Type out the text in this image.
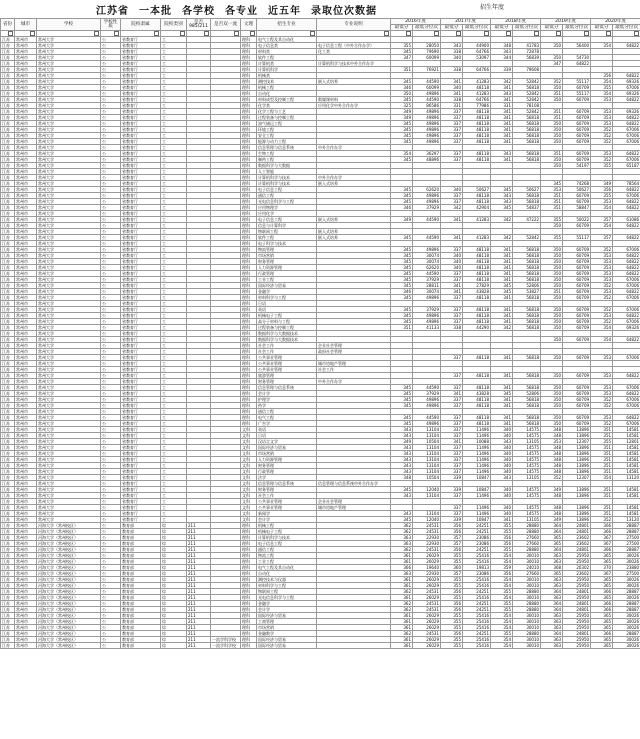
江苏省 一本批 各学校 各专业 近五年 录取位次数据	招生年度
省份	城市	学校	学校性质	院校隶属	院校类别	是否985/211	是否双一流	文理	招生专业	专业说明	2016年度		2017年度		2018年度		2019年度		2020年度	
											最低分	最低分位次	最低分	最低分位次	最低分	最低分位次	最低分	最低分位次	最低分	最低分位次

江苏	常州市	常州大学	公	省教育厅	工			理科	电气工程及其自动化											
江苏	常州市	常州大学	公	省教育厅	工			理科	电子信息类	电子信息工程（中外合作办学）	355	28050	343	44900	348	41783	350	56400	354	64822
江苏	常州市	常州大学	公	省教育厅	工			理科	材料类	化工类	345	79690	338	64766	343	72878				
江苏	常州市	常州大学	公	省教育厅	工			理科	软件工程		347	60099	340	53097	344	56839	350	54730		
江苏	常州市	常州大学	公	省教育厅	工			理科	计算机类	计算机科学与技术中外合作办学							347	64822		
江苏	常州市	常州大学	公	省教育厅	工			理科	计算机科学		351	76921	338	64766	339	79608				
江苏	常州市	常州大学	公	省教育厅	工			理科	机械类										356	64822
江苏	常州市	常州大学	公	省教育厅	工			理科	测控技术	嵌入式培养	345	44590	341	41283	342	52842	352	55117	354	69326
江苏	常州市	常州大学	公	省教育厅	工			理科	机械工程		346	60099	340	48118	341	56818	350	60709	355	67006
江苏	常州市	常州大学	公	省教育厅	工			理科	自动化		350	49896	341	41283	343	52842	351	55117	354	69326
江苏	常州市	常州大学	公	省教育厅	工			理科	材料成型及控制工程	数媒课材料	345	44590	338	64766	341	52842	350	60709	353	64822
江苏	常州市	常州大学	公	省教育厅	工			理科	化学类	应用化学中外合作办学	325	86586	331	77986	331	78108				
江苏	常州市	常州大学	公	省教育厅	工			理科	化学工程与工艺		349	49896	337	48118	341	52842	351	60709	353	69326
江苏	常州市	常州大学	公	省教育厅	工			理科	过程装备与控制工程		349	49896	337	48118	341	56818	351	60709	353	64822
江苏	常州市	常州大学	公	省教育厅	工			理科	油气储运工程		345	49896	337	48118	341	56818	350	60709	353	64822
江苏	常州市	常州大学	公	省教育厅	工			理科	环境工程		345	49896	337	48118	341	56818	350	60709	352	67006
江苏	常州市	常州大学	公	省教育厅	工			理科	安全工程		345	49896	337	48118	341	56818	350	60709	352	67006
江苏	常州市	常州大学	公	省教育厅	工			理科	能源与动力工程		345	49896	337	48118	341	56818	350	60709	352	67006
江苏	常州市	常州大学	公	省教育厅	工			理科	信息管理与信息系统	中外合作办学										
江苏	常州市	常州大学	公	省教育厅	工			理科	生物工程		354	36297	337	48118	343	56818	351	60709	353	64822
江苏	常州市	常州大学	公	省教育厅	工			理科	制药工程		345	48896	337	48118	341	56818	350	60709	352	67006
江苏	常州市	常州大学	公	省教育厅	工			理科	数据科学与大数据								350	54197	355	65187
江苏	常州市	常州大学	公	省教育厅	工			理科	人工智能											
江苏	常州市	常州大学	公	省教育厅	工			理科	计算机科学与技术	中外合作办学										
江苏	常州市	常州大学	公	省教育厅	工			理科	计算机科学与技术	嵌入式培养							345	74268	349	78564
江苏	常州市	常州大学	公	省教育厅	工			理科	电子信息工程		345	62620	340	50627	345	50627	353	50627	356	64822
江苏	常州市	常州大学	公	省教育厅	工			理科	通信工程		345	49896	337	48118	343	56818	351	60709	355	67006
江苏	常州市	常州大学	公	省教育厅	工			理科	光电信息科学与工程		345	49896	337	48118	343	56818	351	60709	353	64822
江苏	常州市	常州大学	公	省教育厅	工			理科	应用物理学		346	37929	342	42904	345	54837	351	58847	354	64822
江苏	常州市	常州大学	公	省教育厅	工			理科	应用化学											
江苏	常州市	常州大学	公	省教育厅	工			理科	电子信息工程	嵌入式培养	349	44590	341	41283	342	47222	355	50022	357	61086
江苏	常州市	常州大学	公	省教育厅	工			理科	信息与计算科学								350	60709	354	64822
江苏	常州市	常州大学	公	省教育厅	工			理科	物联网工程	嵌入式培养										
江苏	常州市	常州大学	公	省教育厅	工			理科	软件工程	嵌入式培养	345	44590	341	41283	342	52842	355	55117	357	64822
江苏	常州市	常州大学	公	省教育厅	工			理科	电子科学与技术											
江苏	常州市	常州大学	公	省教育厅	工			理科	物流管理		345	49896	337	48118	341	56818	350	60709	352	67006
江苏	常州市	常州大学	公	省教育厅	工			理科	市场营销		345	30074	340	48118	341	56818	350	60709	353	64822
江苏	常州市	常州大学	公	省教育厅	工			理科	财务管理		345	30074	340	48118	341	56818	350	60709	353	64822
江苏	常州市	常州大学	公	省教育厅	工			理科	人力资源管理		345	62620	340	48118	341	56818	350	60709	353	64822
江苏	常州市	常州大学	公	省教育厅	工			理科	行政管理		345	44590	337	48118	341	56818	350	60709	353	64822
江苏	常州市	常州大学	公	省教育厅	工			理科	工业工程		345	37929	337	48118	341	56818	350	60709	353	67006
江苏	常州市	常州大学	公	省教育厅	工			理科	国际经济与贸易		345	28811	341	27829	345	52806	350	60709	352	67006
江苏	常州市	常州大学	公	省教育厅	工			理科	金融学		346	30074	341	43828	345	53827	351	60709	353	64822
江苏	常州市	常州大学	公	省教育厅	工			理科	材料科学与工程		345	49896	337	48118	341	56818	350	60709	352	67006
江苏	常州市	常州大学	公	省教育厅	工			理科	日语											
江苏	常州市	常州大学	公	省教育厅	工			理科	英语		345	37929	337	48118	341	56818	350	60709	352	67006
江苏	常州市	常州大学	公	省教育厅	工			理科	机械电子工程		345	49896	337	48118	341	56818	350	60709	353	64822
江苏	常州市	常州大学	公	省教育厅	工			理科	高分子材料与工程		345	49896	337	48118	341	56818	350	60709	352	67006
江苏	常州市	常州大学	公	省教育厅	工			理科	过程装备与控制工程		351	41133	338	44290	342	56818	350	60709	354	69326
江苏	常州市	常州大学	公	省教育厅	工			理科	数据科学与大数据技术											
江苏	常州市	常州大学	公	省教育厅	工			理科	数据科学与大数据技术								350	60709	354	64822
江苏	常州市	常州大学	公	省教育厅	工			理科	社会工作	企业社会管理										
江苏	常州市	常州大学	公	省教育厅	工			理科	社会工作	政府社会管理										
江苏	常州市	常州大学	公	省教育厅	工			理科	公共事业管理				337	48118	341	56818	350	60709	353	67006
江苏	常州市	常州大学	公	省教育厅	工			理科	公共事业管理	城市房地产管理										
江苏	常州市	常州大学	公	省教育厅	工			理科	公共事业管理	社会工作										
江苏	常州市	常州大学	公	省教育厅	工			理科	旅游管理				337	48118	341	56818	350	60709	353	64822
江苏	常州市	常州大学	公	省教育厅	工			理科	财务管理	中外合作办学										
江苏	常州市	常州大学	公	省教育厅	工			理科	信息管理与信息系统		345	44590	337	48118	341	56818	350	60709	353	67006
江苏	常州市	常州大学	公	省教育厅	工			理科	会计学		345	37929	341	43828	345	52806	350	60709	353	64822
江苏	常州市	常州大学	公	省教育厅	工			理科	护理学		345	49896	337	48118	341	56818	350	60709	352	67006
江苏	常州市	常州大学	公	省教育厅	工			理科	药学		345	49896	337	48118	341	56818	350	60709	352	67006
江苏	常州市	常州大学	公	省教育厅	工			理科	通信工程											
江苏	常州市	常州大学	公	省教育厅	工			理科	电气工程		345	44590	337	48118	341	56818	350	60709	353	64822
江苏	常州市	常州大学	公	省教育厅	工			理科	广告学		345	49896	337	48118	341	56818	350	60709	352	67006
江苏	常州市	常州大学	公	省教育厅	工			文科	英语		343	13104	337	11496	340	14575	348	13896	351	14581
江苏	常州市	常州大学	公	省教育厅	工			文科	日语		343	13104	337	11496	340	14575	348	13896	351	14581
江苏	常州市	常州大学	公	省教育厅	工			文科	汉语言文学		349	10504	341	10088	343	13105	353	12307	355	12801
江苏	常州市	常州大学	公	省教育厅	工			文科	国际经济与贸易		343	13104	337	11496	340	14575	348	13896	351	14581
江苏	常州市	常州大学	公	省教育厅	工			文科	市场营销		343	13104	337	11496	340	14575	348	13896	351	14581
江苏	常州市	常州大学	公	省教育厅	工			文科	人力资源管理		343	13104	337	11496	340	14575	348	13896	351	14581
江苏	常州市	常州大学	公	省教育厅	工			文科	财务管理		343	13104	337	11496	340	14575	348	13896	351	14581
江苏	常州市	常州大学	公	省教育厅	工			文科	行政管理		343	13104	337	11496	340	14575	348	13896	351	14581
江苏	常州市	常州大学	公	省教育厅	工			文科	法学		348	10504	339	10847	343	13105	352	12307	354	13120
江苏	常州市	常州大学	公	省教育厅	工			文科	信息管理与信息系统	信息管理与信息系统中外合作办学										
江苏	常州市	常州大学	公	省教育厅	工			文科	财务管理		345	12040	339	10847	340	14575	349	13896	351	14581
江苏	常州市	常州大学	公	省教育厅	工			文科	社会工作		343	13104	337	11496	340	14575	348	13896	351	14581
江苏	常州市	常州大学	公	省教育厅	工			文科	公共事业管理	企业社会管理										
江苏	常州市	常州大学	公	省教育厅	工			文科	公共事业管理	城市房地产管理			337	11496	340	14575	348	13896	351	14581
江苏	常州市	常州大学	公	省教育厅	工			文科	新闻学		343	13104	337	11496	340	14575	348	13896	351	14581
江苏	常州市	常州大学	公	省教育厅	工			文科	会计学		345	12040	339	10847	341	13105	349	13896	352	13120
江苏	常州市	河海大学（常州校区）	公	教育部	综	211		理科	机械工程		362	24531	356	24251	355	28880	364	24801	366	28887
江苏	常州市	河海大学（常州校区）	公	教育部	综	211		理科	机械电子工程		362	24531	356	24251	355	28880	364	24801	366	28887
江苏	常州市	河海大学（常州校区）	公	教育部	综	211		理科	计算机科学与技术		363	22930	357	23086	356	27660	365	23602	367	27500
江苏	常州市	河海大学（常州校区）	公	教育部	综	211		理科	电子信息工程		363	22930	357	23086	356	27660	365	23602	367	27500
江苏	常州市	河海大学（常州校区）	公	教育部	综	211		理科	通信工程		362	24531	356	24251	355	28880	364	24801	366	28887
江苏	常州市	河海大学（常州校区）	公	教育部	综	211		理科	物流工程		361	26029	355	25416	354	30010	363	25950	365	30026
江苏	常州市	河海大学（常州校区）	公	教育部	综	211		理科	工业工程		361	26029	355	25416	354	30010	363	25950	365	30026
江苏	常州市	河海大学（常州校区）	公	教育部	综	211		理科	电气工程及其自动化		366	19640	360	19813	359	24010	368	20302	370	23880
江苏	常州市	河海大学（常州校区）	公	教育部	综	211		理科	自动化		363	22930	357	23086	356	27660	365	23602	367	27500
江苏	常州市	河海大学（常州校区）	公	教育部	综	211		理科	测控技术与仪器		361	26029	355	25416	354	30010	363	25950	365	30026
江苏	常州市	河海大学（常州校区）	公	教育部	综	211		理科	材料科学与工程		361	26029	355	25416	354	30010	363	25950	365	30026
江苏	常州市	河海大学（常州校区）	公	教育部	综	211		理科	物联网工程		362	24531	356	24251	355	28880	364	24801	366	28887
江苏	常州市	河海大学（常州校区）	公	教育部	综	211		理科	光电信息科学与工程		361	26029	355	25416	354	30010	363	25950	365	30026
江苏	常州市	河海大学（常州校区）	公	教育部	综	211		理科	金融学		362	24531	356	24251	355	28880	364	24801	366	28887
江苏	常州市	河海大学（常州校区）	公	教育部	综	211		理科	会计学		362	24531	356	24251	355	28880	364	24801	366	28887
江苏	常州市	河海大学（常州校区）	公	教育部	综	211		理科	国际经济与贸易		361	26029	355	25416	354	30010	363	25950	365	30026
江苏	常州市	河海大学（常州校区）	公	教育部	综	211		理科	工商管理		361	26029	355	25416	354	30010	363	25950	365	30026
江苏	常州市	河海大学（常州校区）	公	教育部	综	211		理科	市场营销		361	26029	355	25416	354	30010	363	25950	365	30026
江苏	常州市	河海大学（常州校区）	公	教育部	综	211		理科	金融数学		362	24531	356	24251	355	28880	364	24801	366	28887
江苏	常州市	河海大学（常州校区）	公	教育部	综	211	一流学科学校	理科	国际经济与贸易		361	26029	355	25416	354	30010	363	25950	365	30026
江苏	常州市	河海大学（常州校区）	公	教育部	综	211	一流学科学校	理科	国际经济与贸易		361	26029	355	25416	354	30010	363	25950	365	30026
